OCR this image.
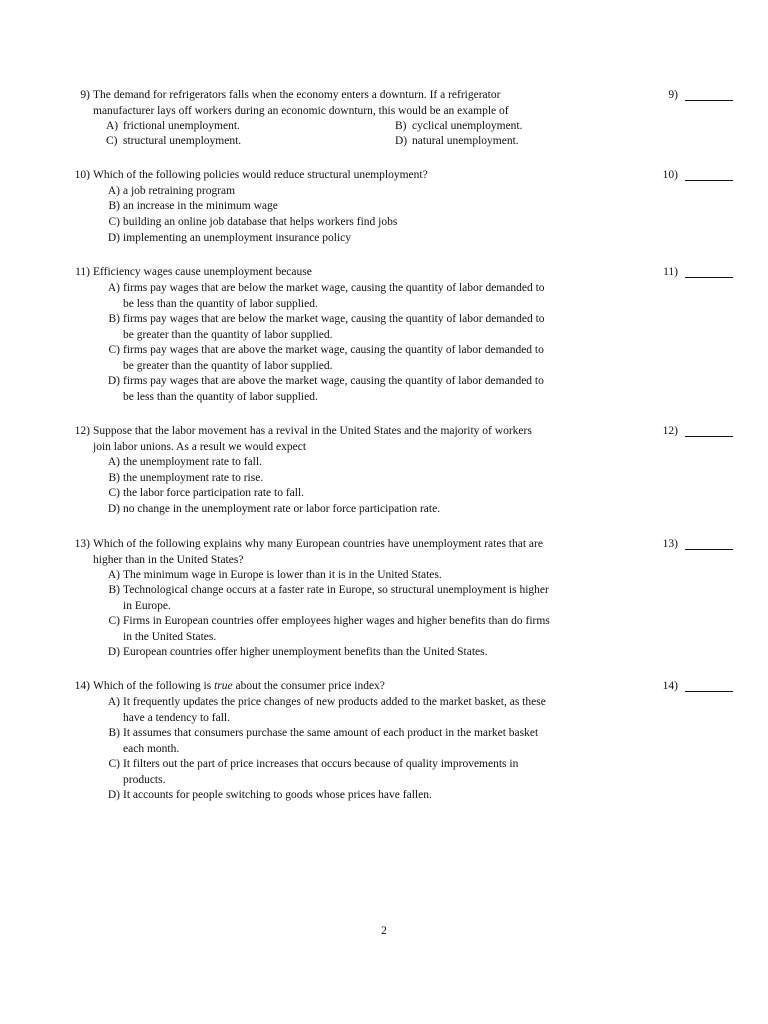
9) The demand for refrigerators falls when the economy enters a downturn. If a refrigerator
manufacturer lays off workers during an economic downturn, this would be an example of
9)
A) frictional unemployment.	B) cyclical unemployment.
C) structural unemployment.	D) natural unemployment.
10) Which of the following policies would reduce structural unemployment?	10)
A) a job retraining program
B) an increase in the minimum wage
C) building an online job database that helps workers find jobs
D) implementing an unemployment insurance policy
11) Efficiency wages cause unemployment because	11)
A) firms pay wages that are below the market wage, causing the quantity of labor demanded to
be less than the quantity of labor supplied.
B) firms pay wages that are below the market wage, causing the quantity of labor demanded to
be greater than the quantity of labor supplied.
C) firms pay wages that are above the market wage, causing the quantity of labor demanded to
be greater than the quantity of labor supplied.
D) firms pay wages that are above the market wage, causing the quantity of labor demanded to
be less than the quantity of labor supplied.
12) Suppose that the labor movement has a revival in the United States and the majority of workers
join labor unions. As a result we would expect
12)
A) the unemployment rate to fall.
B) the unemployment rate to rise.
C) the labor force participation rate to fall.
D) no change in the unemployment rate or labor force participation rate.
13) Which of the following explains why many European countries have unemployment rates that are
higher than in the United States?
13)
A) The minimum wage in Europe is lower than it is in the United States.
B) Technological change occurs at a faster rate in Europe, so structural unemployment is higher
in Europe.
C) Firms in European countries offer employees higher wages and higher benefits than do firms
in the United States.
D) European countries offer higher unemployment benefits than the United States.
14) Which of the following is true about the consumer price index?	14)
A) It frequently updates the price changes of new products added to the market basket, as these
have a tendency to fall.
B) It assumes that consumers purchase the same amount of each product in the market basket
each month.
C) It filters out the part of price increases that occurs because of quality improvements in
products.
D) It accounts for people switching to goods whose prices have fallen.
2
